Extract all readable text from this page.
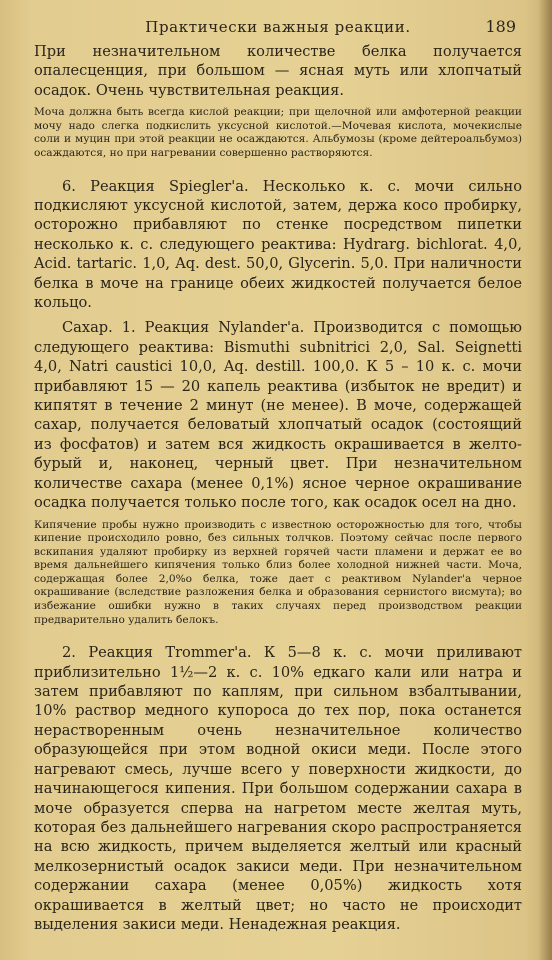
Практически важныя реакции.	189

При незначительном количестве белка получается опалесценция, при большом — ясная муть или хлопчатый осадок. Очень чувствительная реакция.

Моча должна быть всегда кислой реакции; при щелочной или амфотерной реакции мочу надо слегка подкислить уксусной кислотой.—Мочевая кислота, мочекислые соли и муцин при этой реакции не осаждаются. Альбумозы (кроме дейтероальбумоз) осаждаются, но при нагревании совершенно растворяются.

6. Реакция Spiegler'a. Несколько к. с. мочи сильно подкисляют уксусной кислотой, затем, держа косо пробирку, осторожно прибавляют по стенке посредством пипетки несколько к. с. следующего реактива: Hydrarg. bichlorat. 4,0, Acid. tartaric. 1,0, Aq. dest. 50,0, Glycerin. 5,0. При наличности белка в моче на границе обеих жидкостей получается белое кольцо.

Сахар. 1. Реакция Nylander'a. Производится с помощью следующего реактива: Bismuthi subnitrici 2,0, Sal. Seignetti 4,0, Natri caustici 10,0, Aq. destill. 100,0. К 5 – 10 к. с. мочи прибавляют 15 — 20 капель реактива (избыток не вредит) и кипятят в течение 2 минут (не менее). В моче, содержащей сахар, получается беловатый хлопчатый осадок (состоящий из фосфатов) и затем вся жидкость окрашивается в желто-бурый и, наконец, черный цвет. При незначительном количестве сахара (менее 0,1%) ясное черное окрашивание осадка получается только после того, как осадок осел на дно.

Кипячение пробы нужно производить с известною осторожностью для того, чтобы кипение происходило ровно, без сильных толчков. Поэтому сейчас после первого вскипания удаляют пробирку из верхней горячей части пламени и держат ее во время дальнейшего кипячения только близ более холодной нижней части. Моча, содержащая более 2,0%о белка, тоже дает с реактивом Nylander'a черное окрашивание (вследствие разложения белка и образования сернистого висмута); во избежание ошибки нужно в таких случаях перед производством реакции предварительно удалить белокъ.

2. Реакция Trommer'a. К 5—8 к. с. мочи приливают приблизительно 1½—2 к. с. 10% едкаго кали или натра и затем прибавляют по каплям, при сильном взбалтывании, 10% раствор медного купороса до тех пор, пока останется нерастворенным очень незначительное количество образующейся при этом водной окиси меди. После этого нагревают смесь, лучше всего у поверхности жидкости, до начинающегося кипения. При большом содержании сахара в моче образуется сперва на нагретом месте желтая муть, которая без дальнейшего нагревания скоро распространяется на всю жидкость, причем выделяется желтый или красный мелкозернистый осадок закиси меди. При незначительном содержании сахара (менее 0,05%) жидкость хотя окрашивается в желтый цвет; но часто не происходит выделения закиси меди. Ненадежная реакция.
